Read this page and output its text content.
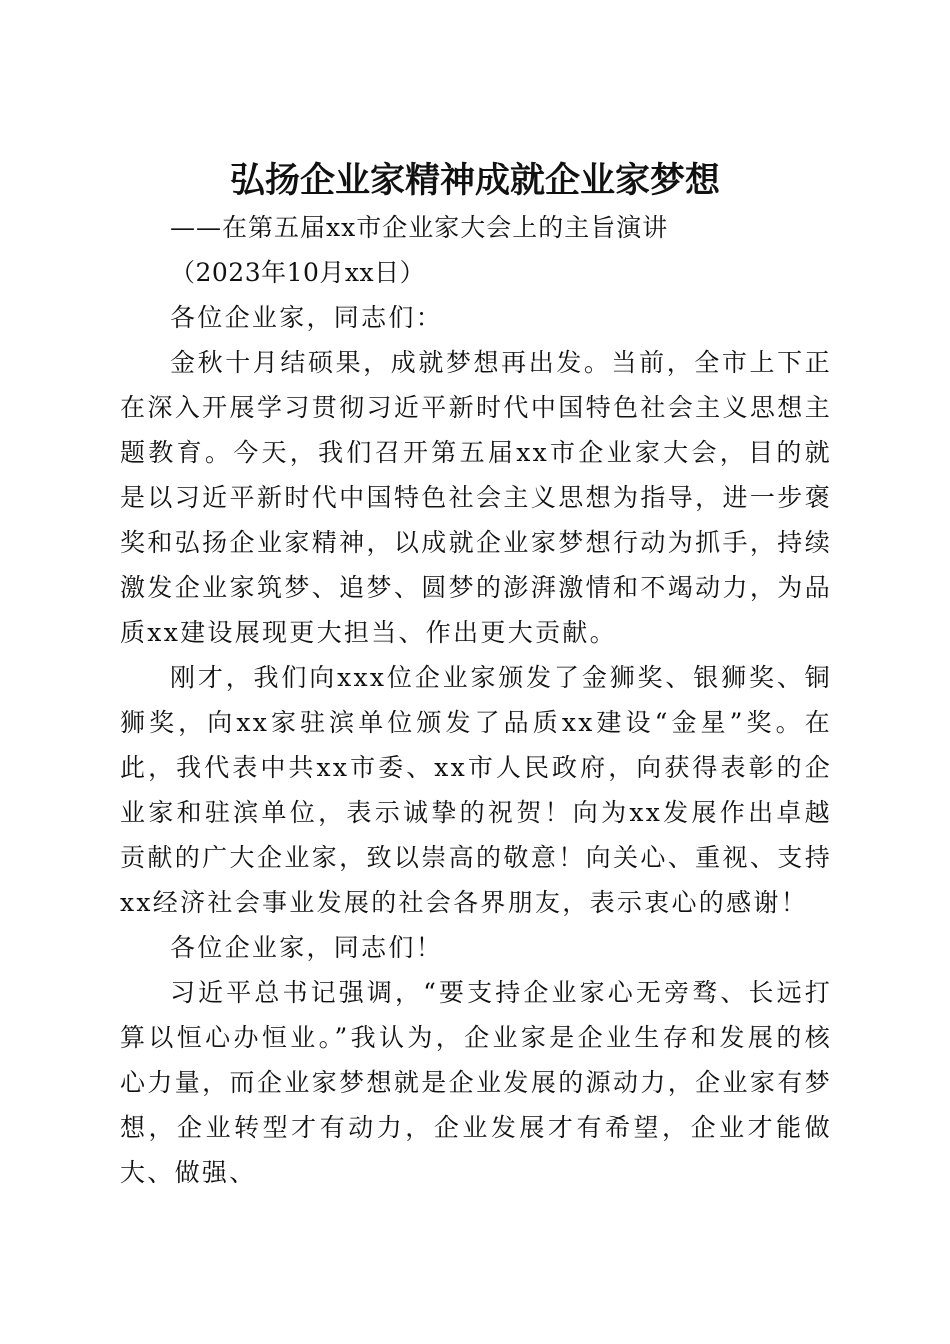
弘扬企业家精神成就企业家梦想

——在第五届xx市企业家大会上的主旨演讲

（2023年10月xx日）

各位企业家，同志们：

金秋十月结硕果，成就梦想再出发。当前，全市上下正在深入开展学习贯彻习近平新时代中国特色社会主义思想主题教育。今天，我们召开第五届xx市企业家大会，目的就是以习近平新时代中国特色社会主义思想为指导，进一步褒奖和弘扬企业家精神，以成就企业家梦想行动为抓手，持续激发企业家筑梦、追梦、圆梦的澎湃激情和不竭动力，为品质xx建设展现更大担当、作出更大贡献。

刚才，我们向xxx位企业家颁发了金狮奖、银狮奖、铜狮奖，向xx家驻滨单位颁发了品质xx建设“金星”奖。在此，我代表中共xx市委、xx市人民政府，向获得表彰的企业家和驻滨单位，表示诚挚的祝贺！向为xx发展作出卓越贡献的广大企业家，致以崇高的敬意！向关心、重视、支持xx经济社会事业发展的社会各界朋友，表示衷心的感谢！

各位企业家，同志们！

习近平总书记强调，“要支持企业家心无旁骛、长远打算以恒心办恒业。”我认为，企业家是企业生存和发展的核心力量，而企业家梦想就是企业发展的源动力，企业家有梦想，企业转型才有动力，企业发展才有希望，企业才能做大、做强、
